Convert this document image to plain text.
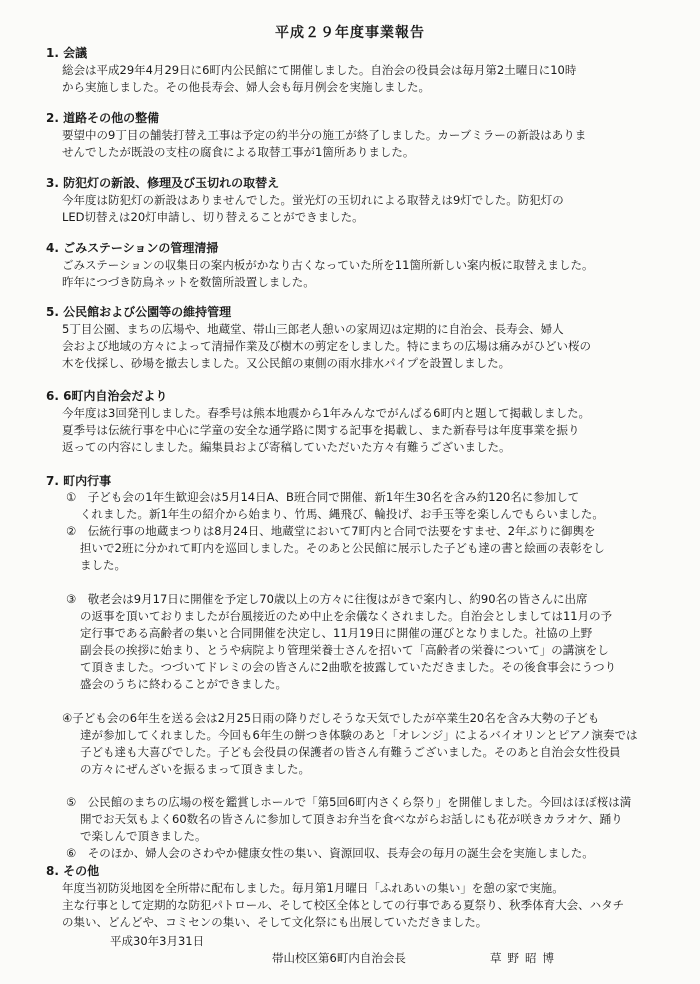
平成２９年度事業報告
1. 会議
総会は平成29年4月29日に6町内公民館にて開催しました。自治会の役員会は毎月第2土曜日に10時
から実施しました。その他長寿会、婦人会も毎月例会を実施しました。
2. 道路その他の整備
要望中の9丁目の舗装打替え工事は予定の約半分の施工が終了しました。カーブミラーの新設はありま
せんでしたが既設の支柱の腐食による取替工事が1箇所ありました。
3. 防犯灯の新設、修理及び玉切れの取替え
今年度は防犯灯の新設はありませんでした。蛍光灯の玉切れによる取替えは9灯でした。防犯灯の
LED切替えは20灯申請し、切り替えることができました。
4. ごみステーションの管理清掃
ごみステーションの収集日の案内板がかなり古くなっていた所を11箇所新しい案内板に取替えました。
昨年につづき防鳥ネットを数箇所設置しました。
5. 公民館および公園等の維持管理
5丁目公園、まちの広場や、地蔵堂、帯山三郎老人憩いの家周辺は定期的に自治会、長寿会、婦人
会および地域の方々によって清掃作業及び樹木の剪定をしました。特にまちの広場は痛みがひどい桜の
木を伐採し、砂場を撤去しました。又公民館の東側の雨水排水パイプを設置しました。
6. 6町内自治会だより
今年度は3回発刊しました。春季号は熊本地震から1年みんなでがんばる6町内と題して掲載しました。
夏季号は伝統行事を中心に学童の安全な通学路に関する記事を掲載し、また新春号は年度事業を振り
返っての内容にしました。編集員および寄稿していただいた方々有難うございました。
7. 町内行事
①　子ども会の1年生歓迎会は5月14日A、B班合同で開催、新1年生30名を含み約120名に参加して
くれました。新1年生の紹介から始まり、竹馬、縄飛び、輪投げ、お手玉等を楽しんでもらいました。
②　伝統行事の地蔵まつりは8月24日、地蔵堂において7町内と合同で法要をすませ、2年ぶりに御輿を
担いで2班に分かれて町内を巡回しました。そのあと公民館に展示した子ども達の書と絵画の表彰をし
ました。
③　敬老会は9月17日に開催を予定し70歳以上の方々に往復はがきで案内し、約90名の皆さんに出席
の返事を頂いておりましたが台風接近のため中止を余儀なくされました。自治会としましては11月の予
定行事である高齢者の集いと合同開催を決定し、11月19日に開催の運びとなりました。社協の上野
副会長の挨拶に始まり、とうや病院より管理栄養士さんを招いて「高齢者の栄養について」の講演をし
て頂きました。つづいてドレミの会の皆さんに2曲歌を披露していただきました。その後食事会にうつり
盛会のうちに終わることができました。
④子ども会の6年生を送る会は2月25日雨の降りだしそうな天気でしたが卒業生20名を含み大勢の子ども
達が参加してくれました。今回も6年生の餅つき体験のあと「オレンジ」によるバイオリンとピアノ演奏では
子ども達も大喜びでした。子ども会役員の保護者の皆さん有難うございました。そのあと自治会女性役員
の方々にぜんざいを振るまって頂きました。
⑤　公民館のまちの広場の桜を鑑賞しホールで「第5回6町内さくら祭り」を開催しました。今回はほぼ桜は満
開でお天気もよく60数名の皆さんに参加して頂きお弁当を食べながらお話しにも花が咲きカラオケ、踊り
で楽しんで頂きました。
⑥　そのほか、婦人会のさわやか健康女性の集い、資源回収、長寿会の毎月の誕生会を実施しました。
8. その他
年度当初防災地図を全所帯に配布しました。毎月第1月曜日「ふれあいの集い」を憩の家で実施。
主な行事として定期的な防犯パトロール、そして校区全体としての行事である夏祭り、秋季体育大会、ハタチ
の集い、どんどや、コミセンの集い、そして文化祭にも出展していただきました。
平成30年3月31日
帯山校区第6町内自治会長	草野昭博
